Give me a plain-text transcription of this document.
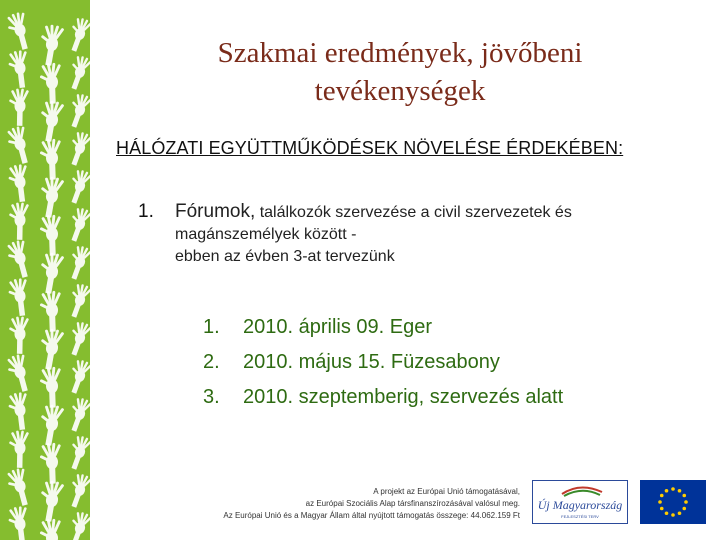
Szakmai eredmények, jövőbeni
tevékenységek
HÁLÓZATI EGYÜTTMŰKÖDÉSEK NÖVELÉSE ÉRDEKÉBEN:
1. Fórumok, találkozók szervezése a civil szervezetek és
magánszemélyek között -
ebben az évben 3-at tervezünk
1.	2010. április 09. Eger
2.	2010. május 15. Füzesabony
3.	2010. szeptemberig, szervezés alatt
A projekt az Európai Unió támogatásával,
az Európai Szociális Alap társfinanszírozásával valósul meg.
Az Európai Unió és a Magyar Állam által nyújtott támogatás összege: 44.062.159 Ft
Új Magyarország
FEJLESZTÉSI TERV
